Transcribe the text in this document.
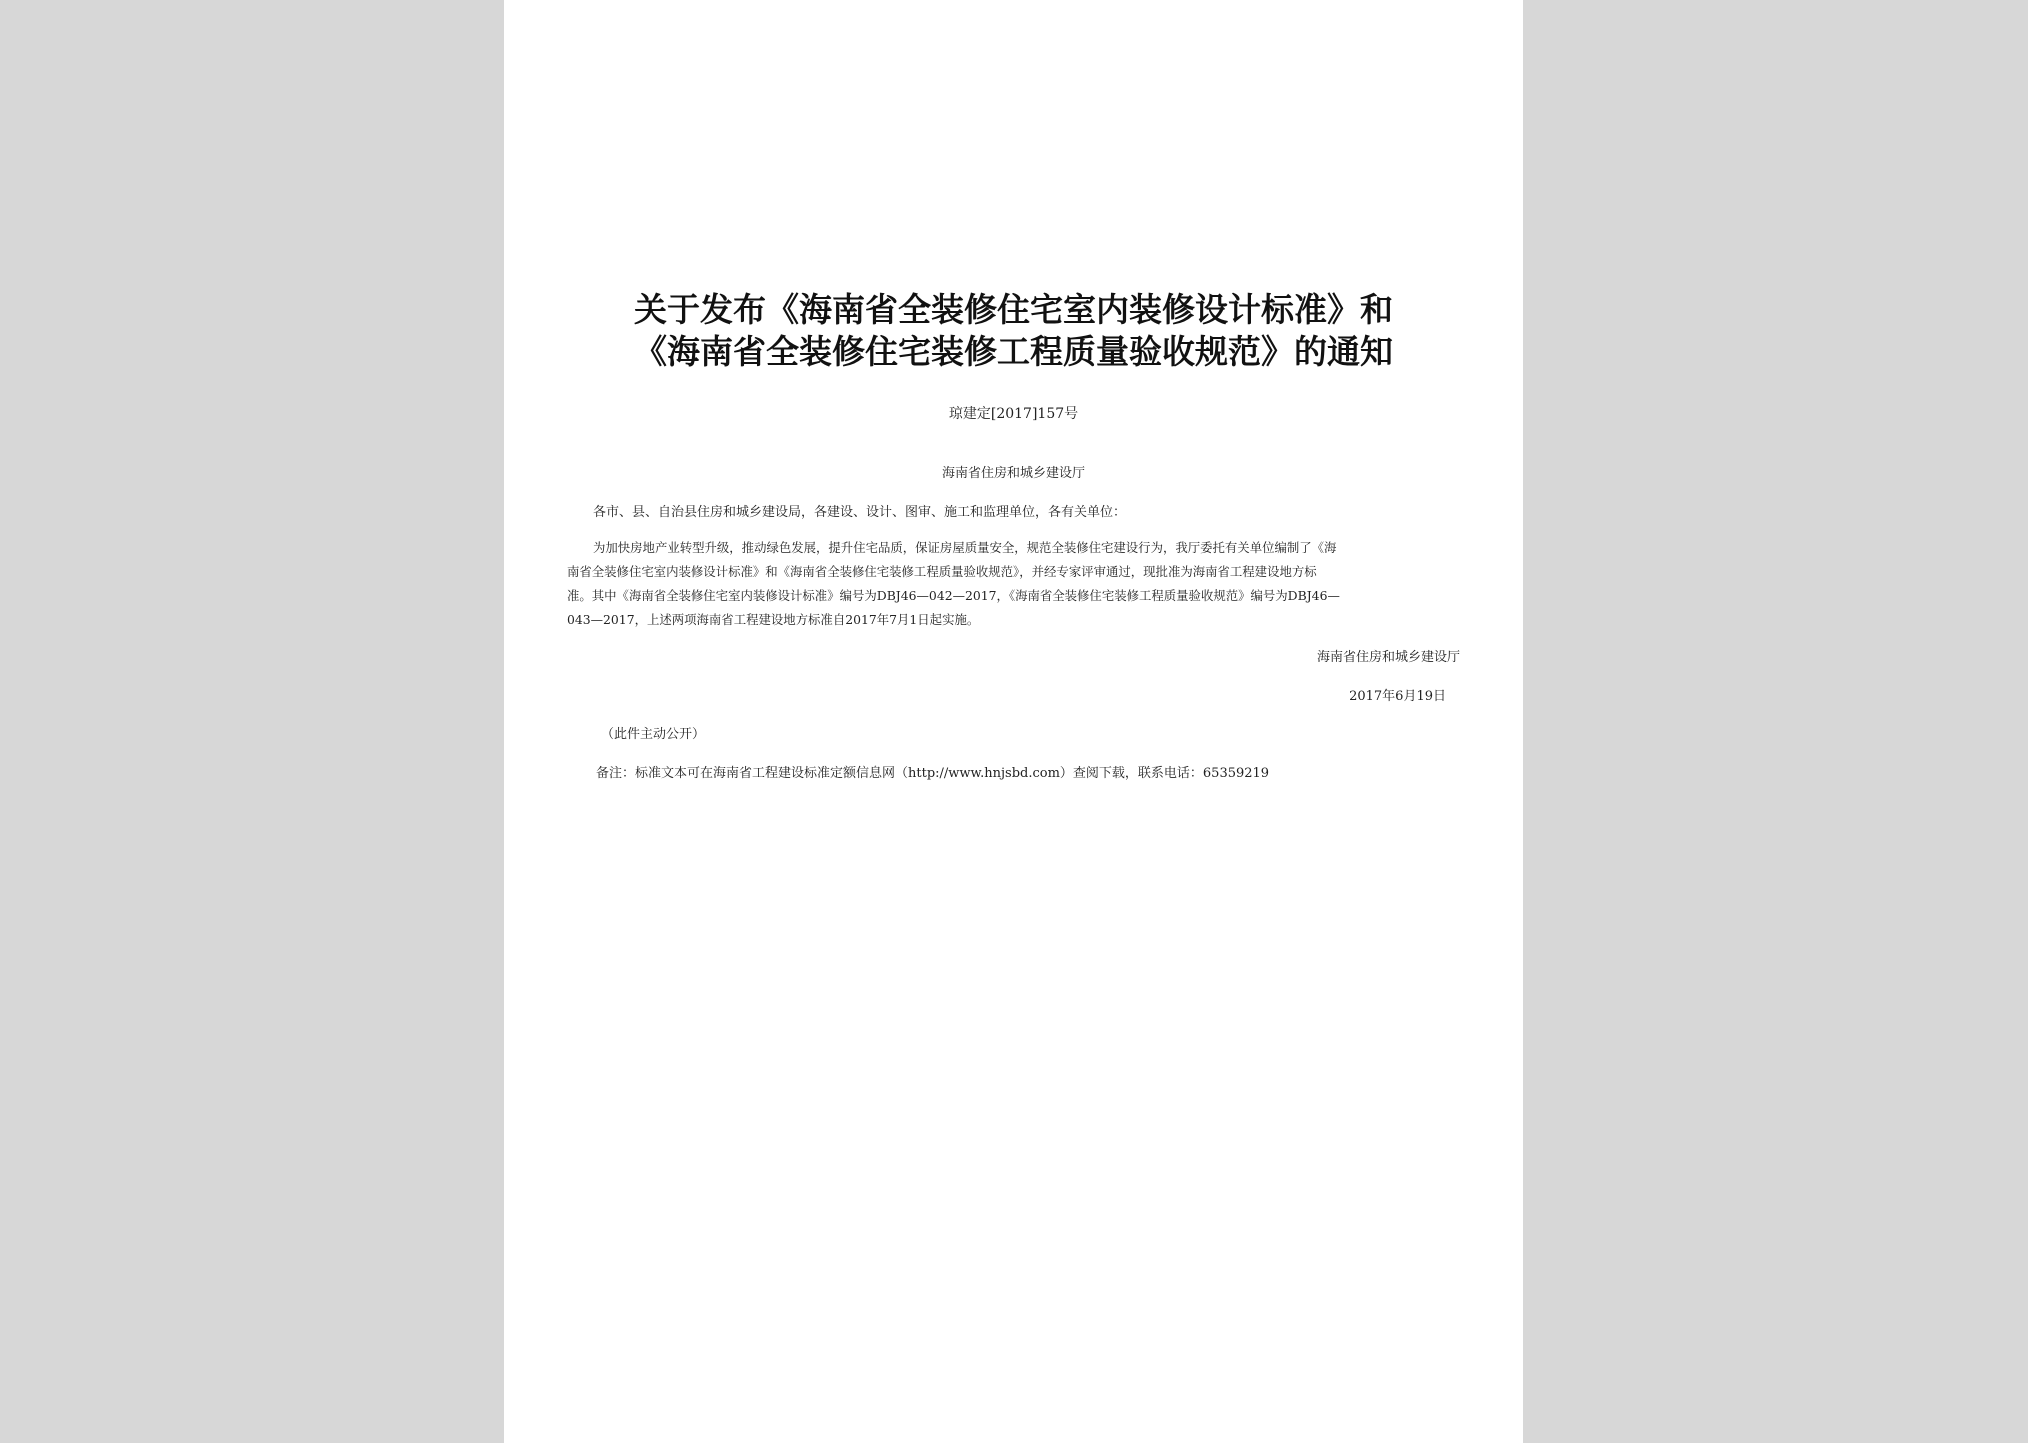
关于发布《海南省全装修住宅室内装修设计标准》和
《海南省全装修住宅装修工程质量验收规范》的通知
琼建定[2017]157号
海南省住房和城乡建设厅
各市、县、自治县住房和城乡建设局，各建设、设计、图审、施工和监理单位，各有关单位：
为加快房地产业转型升级，推动绿色发展，提升住宅品质，保证房屋质量安全，规范全装修住宅建设行为，我厅委托有关单位编制了《海
南省全装修住宅室内装修设计标准》和《海南省全装修住宅装修工程质量验收规范》，并经专家评审通过，现批准为海南省工程建设地方标
准。其中《海南省全装修住宅室内装修设计标准》编号为DBJ46—042—2017，《海南省全装修住宅装修工程质量验收规范》编号为DBJ46—
043—2017，上述两项海南省工程建设地方标准自2017年7月1日起实施。
海南省住房和城乡建设厅
2017年6月19日
（此件主动公开）
备注：标准文本可在海南省工程建设标准定额信息网（http://www.hnjsbd.com）查阅下载，联系电话：65359219
